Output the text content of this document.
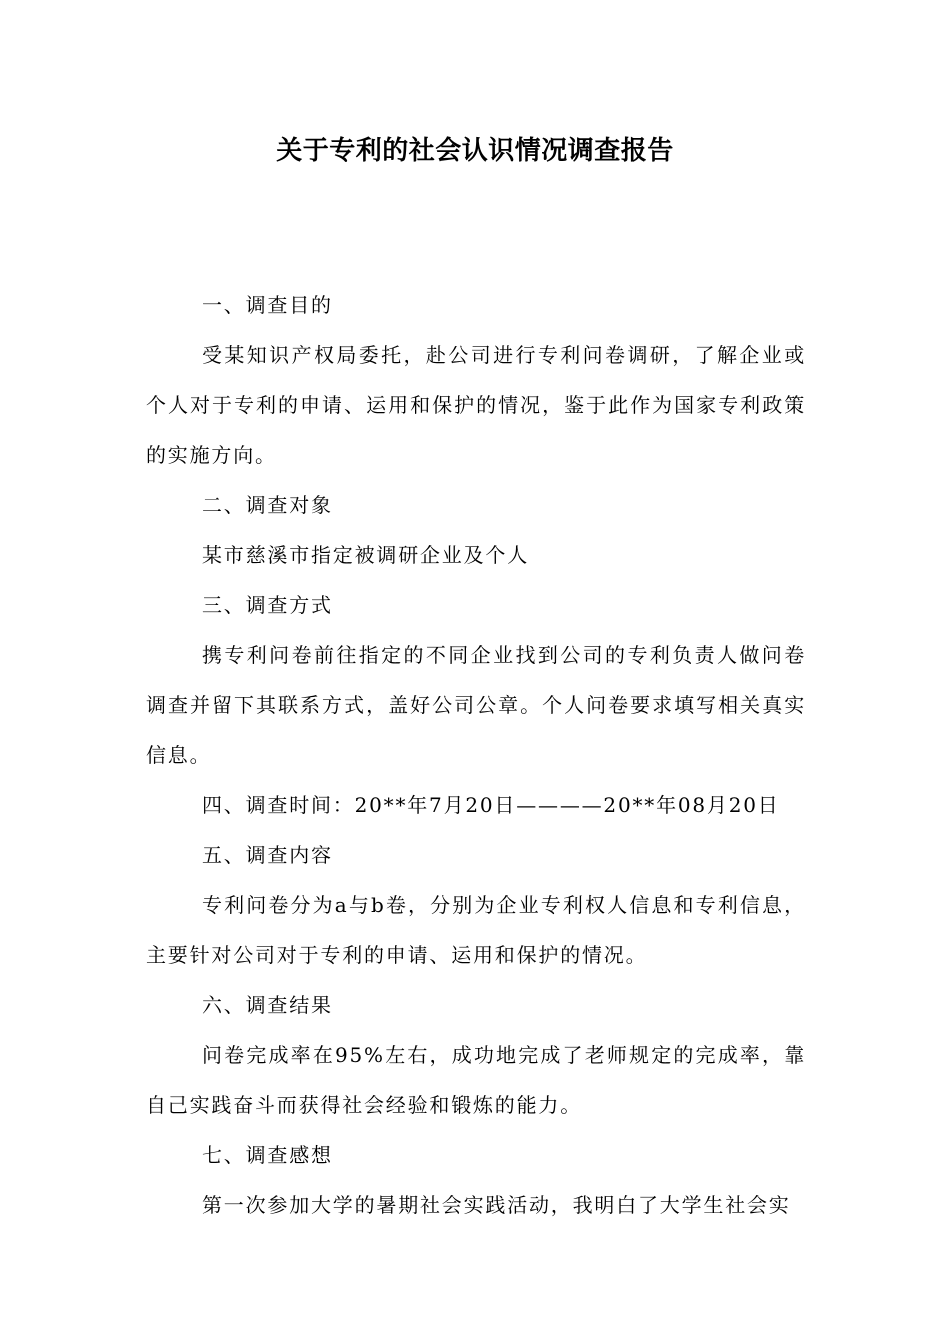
关于专利的社会认识情况调查报告

一、调查目的

受某知识产权局委托，赴公司进行专利问卷调研，了解企业或个人对于专利的申请、运用和保护的情况，鉴于此作为国家专利政策的实施方向。

二、调查对象

某市慈溪市指定被调研企业及个人

三、调查方式

携专利问卷前往指定的不同企业找到公司的专利负责人做问卷调查并留下其联系方式，盖好公司公章。个人问卷要求填写相关真实信息。

四、调查时间：20**年7月20日————20**年08月20日

五、调查内容

专利问卷分为a与b卷，分别为企业专利权人信息和专利信息，主要针对公司对于专利的申请、运用和保护的情况。

六、调查结果

问卷完成率在95%左右，成功地完成了老师规定的完成率，靠自己实践奋斗而获得社会经验和锻炼的能力。

七、调查感想

第一次参加大学的暑期社会实践活动，我明白了大学生社会实
